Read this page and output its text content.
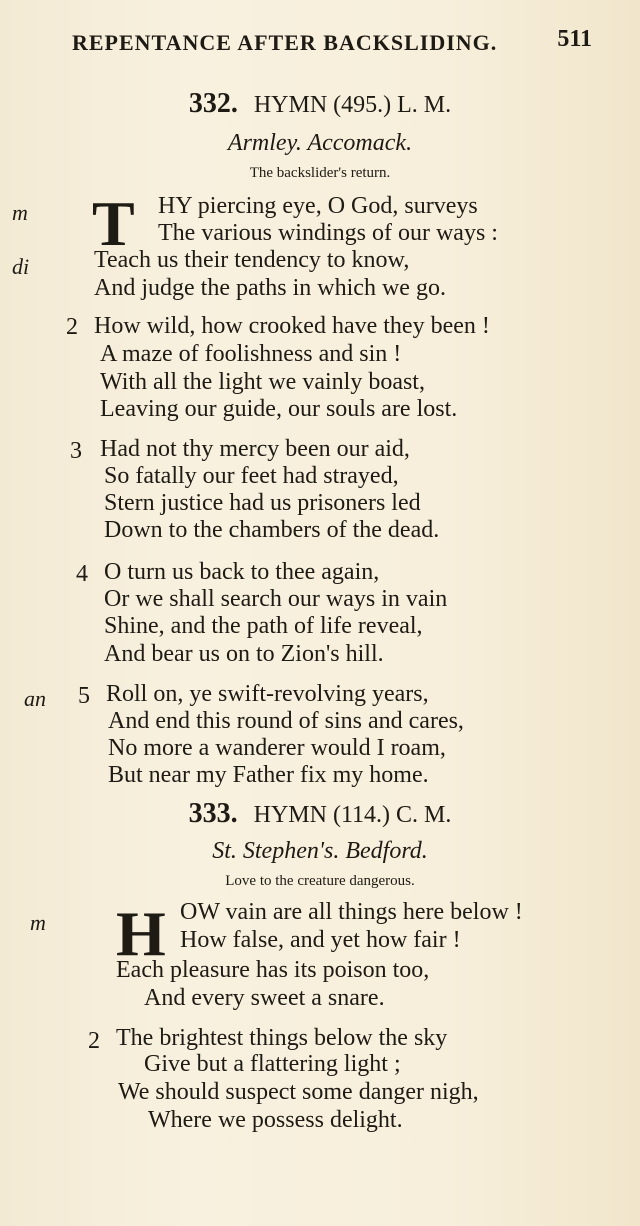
REPENTANCE AFTER BACKSLIDING.	511
332. HYMN (495.) L. M.
Armley. Accomack.
The backslider's return.
m T HY piercing eye, O God, surveys
The various windings of our ways :
di	Teach us their tendency to know,
And judge the paths in which we go.
2 How wild, how crooked have they been !
A maze of foolishness and sin !
With all the light we vainly boast,
Leaving our guide, our souls are lost.
3 Had not thy mercy been our aid,
So fatally our feet had strayed,
Stern justice had us prisoners led
Down to the chambers of the dead.
4 O turn us back to thee again,
Or we shall search our ways in vain
Shine, and the path of life reveal,
And bear us on to Zion's hill.
an 5 Roll on, ye swift-revolving years,
And end this round of sins and cares,
No more a wanderer would I roam,
But near my Father fix my home.
333. HYMN (114.) C. M.
St. Stephen's. Bedford.
Love to the creature dangerous.
m H OW vain are all things here below !
How false, and yet how fair !
Each pleasure has its poison too,
And every sweet a snare.
2 The brightest things below the sky
Give but a flattering light ;
We should suspect some danger nigh,
Where we possess delight.
